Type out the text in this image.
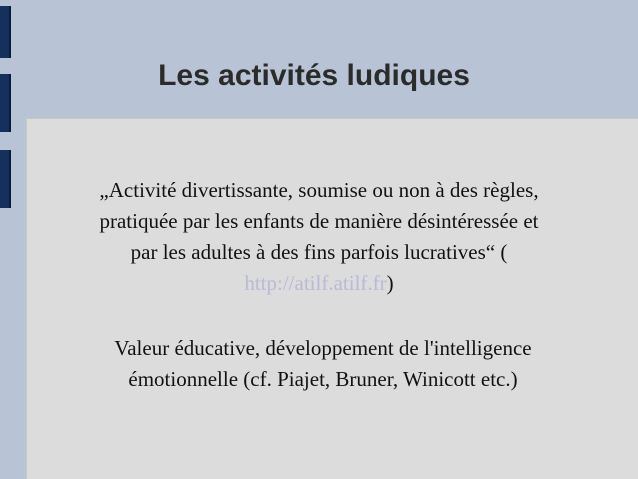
Les activités ludiques
„Activité divertissante, soumise ou non à des règles,
pratiquée par les enfants de manière désintéressée et
par les adultes à des fins parfois lucratives“ (
http://atilf.atilf.fr)
Valeur éducative, développement de l'intelligence
émotionnelle (cf. Piajet, Bruner, Winicott etc.)
